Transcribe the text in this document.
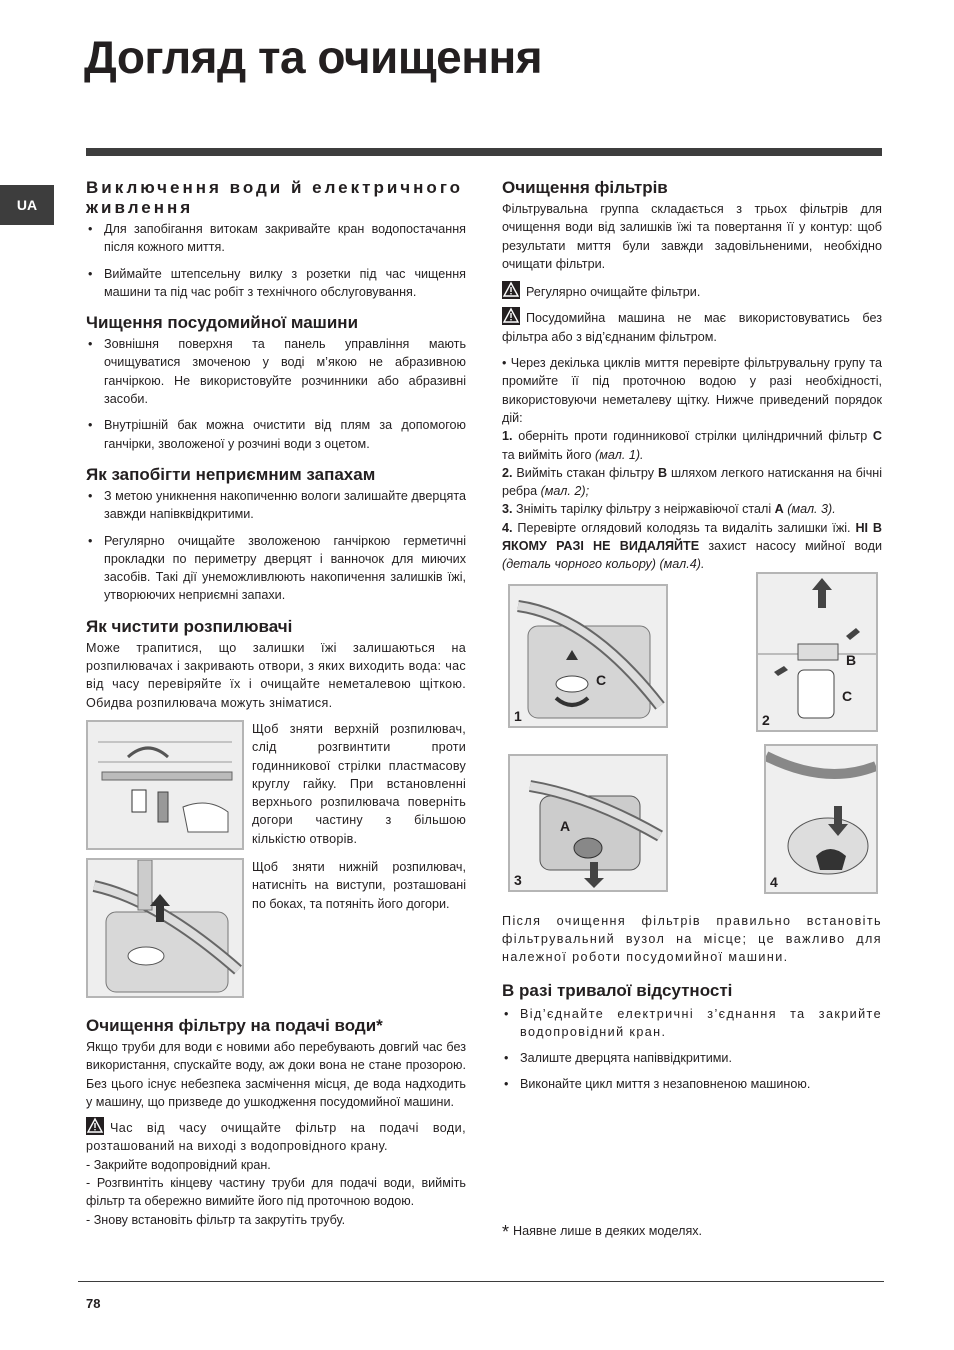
Догляд та очищення
UA
Виключення води й електричного живлення
• Для запобігання витокам закривайте кран водопостачання після кожного миття.
• Виймайте штепсельну вилку з розетки під час чищення машини та під час робіт з технічного обслуговування.
Чищення посудомийної машини
• Зовнішня поверхня та панель управління мають очищуватися змоченою у воді м’якою не абразивною ганчіркою. Не використовуйте розчинники або абразивні засоби.
• Внутрішній бак можна очистити від плям за допомогою ганчірки, зволоженої у розчині води з оцетом.
Як запобігти неприємним запахам
• З метою уникнення накопиченню вологи залишайте дверцята завжди напівквідкритими.
• Регулярно очищайте зволоженою ганчіркою герметичні прокладки по периметру дверцят і ванночок для миючих засобів. Такі дії унеможливлюють накопичення залишків їжі, утворюючих неприємні запахи.
Як чистити розпилювачі

Може трапитися, що залишки їжі залишаються на розпилювачах і закривають отвори, з яких виходить вода: час від часу перевіряйте їх і очищайте неметалевою щіткою. Обидва розпилювача можуть зніматися.

Щоб зняти верхній розпилювач, слід розгвинтити проти годинникової стрілки пластмасову круглу гайку. При встановленні верхнього розпилювача поверніть догори частину з більшою кількістю отворів.

Щоб зняти нижній розпилювач, натисніть на виступи, розташовані по боках, та потяніть його догори.

Очищення фільтру на подачі води*

Якщо труби для води є новими або перебувають довгий час без використання, спускайте воду, аж доки вона не стане прозорою. Без цього існує небезпека засмічення місця, де вода надходить у машину, що призведе до ушкодження посудомийної машини.

Час від часу очищайте фільтр на подачі води, розташований на виході з водопровідного крану.

- Закрийте водопровідний кран.

- Розгвинтіть кінцеву частину труби для подачі води, вийміть фільтр та обережно вимийте його під проточною водою.

- Знову встановіть фільтр та закрутіть трубу.

Очищення фільтрів

Фільтрувальна группа складається з трьох фільтрів для очищення води від залишків їжі та повертання її у контур: щоб результати миття були завжди задовільненими, необхідно очищати фільтри.

Регулярно очищайте фільтри.

Посудомийна машина не має використовуватись без фільтра або з від’єднаним фільтром.

• Через декілька циклів миття перевірте фільтрувальну групу та промийте її під проточною водою у разі необхідності, використовуючи неметалеву щітку. Нижче приведений порядок дій:

1. оберніть проти годинникової стрілки циліндричний фільтр С та вийміть його (мал. 1).

2. Вийміть стакан фільтру В шляхом легкого натискання на бічні ребра (мал. 2);

3. Зніміть тарілку фільтру з неіржавіючої сталі А (мал. 3).

4. Перевірте оглядовий колодязь та видаліть залишки їжі. НІ В ЯКОМУ РАЗІ НЕ ВИДАЛЯЙТЕ захист насосу мийної води (деталь чорного кольору) (мал.4).

1
C
2
B
C
3
A
4

Після очищення фільтрів правильно встановіть фільтрувальний вузол на місце; це важливо для належної роботи посудомийної машини.

В разі тривалої відсутності
• Від’єднайте електричні з’єднання та закрийте водопровідний кран.
• Залиште дверцята напіввідкритими.
• Виконайте цикл миття з незаповненою машиною.
* Наявне лише в деяких моделях.
78
